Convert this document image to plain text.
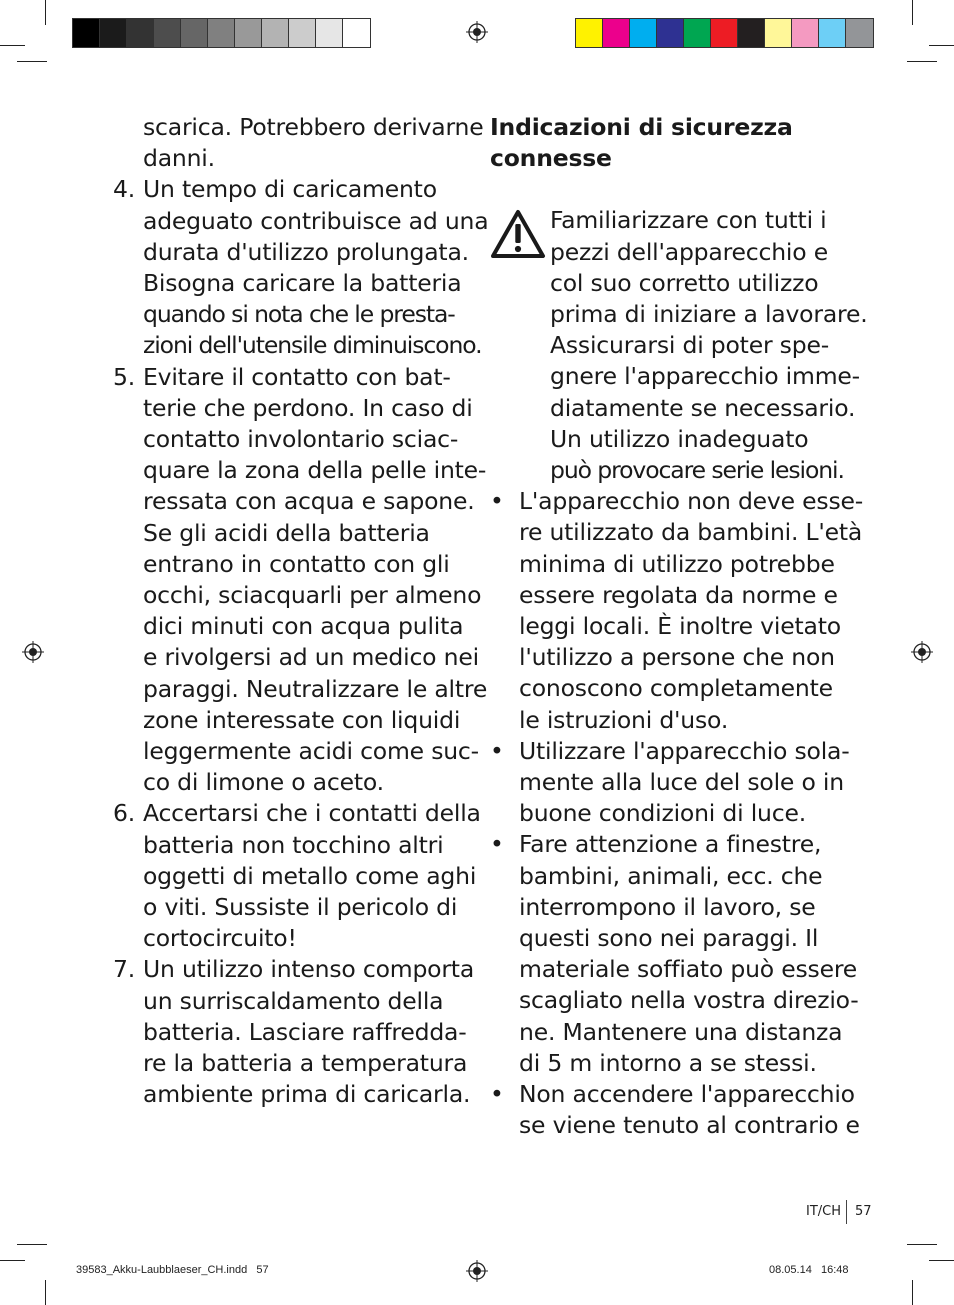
scarica. Potrebbero derivarne
danni.
4. Un tempo di caricamento
adeguato contribuisce ad una
durata d'utilizzo prolungata.
Bisogna caricare la batteria
quando si nota che le presta-
zioni dell'utensile diminuiscono.
5. Evitare il contatto con bat-
terie che perdono. In caso di
contatto involontario sciac-
quare la zona della pelle inte-
ressata con acqua e sapone.
Se gli acidi della batteria
entrano in contatto con gli
occhi, sciacquarli per almeno
dici minuti con acqua pulita
e rivolgersi ad un medico nei
paraggi. Neutralizzare le altre
zone interessate con liquidi
leggermente acidi come suc-
co di limone o aceto.
6. Accertarsi che i contatti della
batteria non tocchino altri
oggetti di metallo come aghi
o viti. Sussiste il pericolo di
cortocircuito!
7. Un utilizzo intenso comporta
un surriscaldamento della
batteria. Lasciare raffredda-
re la batteria a temperatura
ambiente prima di caricarla.
Indicazioni di sicurezza
connesse
Familiarizzare con tutti i
pezzi dell'apparecchio e
col suo corretto utilizzo
prima di iniziare a lavorare.
Assicurarsi di poter spe-
gnere l'apparecchio imme-
diatamente se necessario.
Un utilizzo inadeguato
può provocare serie lesioni.
• L'apparecchio non deve esse-
re utilizzato da bambini. L'età
minima di utilizzo potrebbe
essere regolata da norme e
leggi locali. È inoltre vietato
l'utilizzo a persone che non
conoscono completamente
le istruzioni d'uso.
• Utilizzare l'apparecchio sola-
mente alla luce del sole o in
buone condizioni di luce.
• Fare attenzione a finestre,
bambini, animali, ecc. che
interrompono il lavoro, se
questi sono nei paraggi. Il
materiale soffiato può essere
scagliato nella vostra direzio-
ne. Mantenere una distanza
di 5 m intorno a se stessi.
• Non accendere l'apparecchio
se viene tenuto al contrario e
IT/CH 57
39583_Akku-Laubblaeser_CH.indd   57	08.05.14   16:48
